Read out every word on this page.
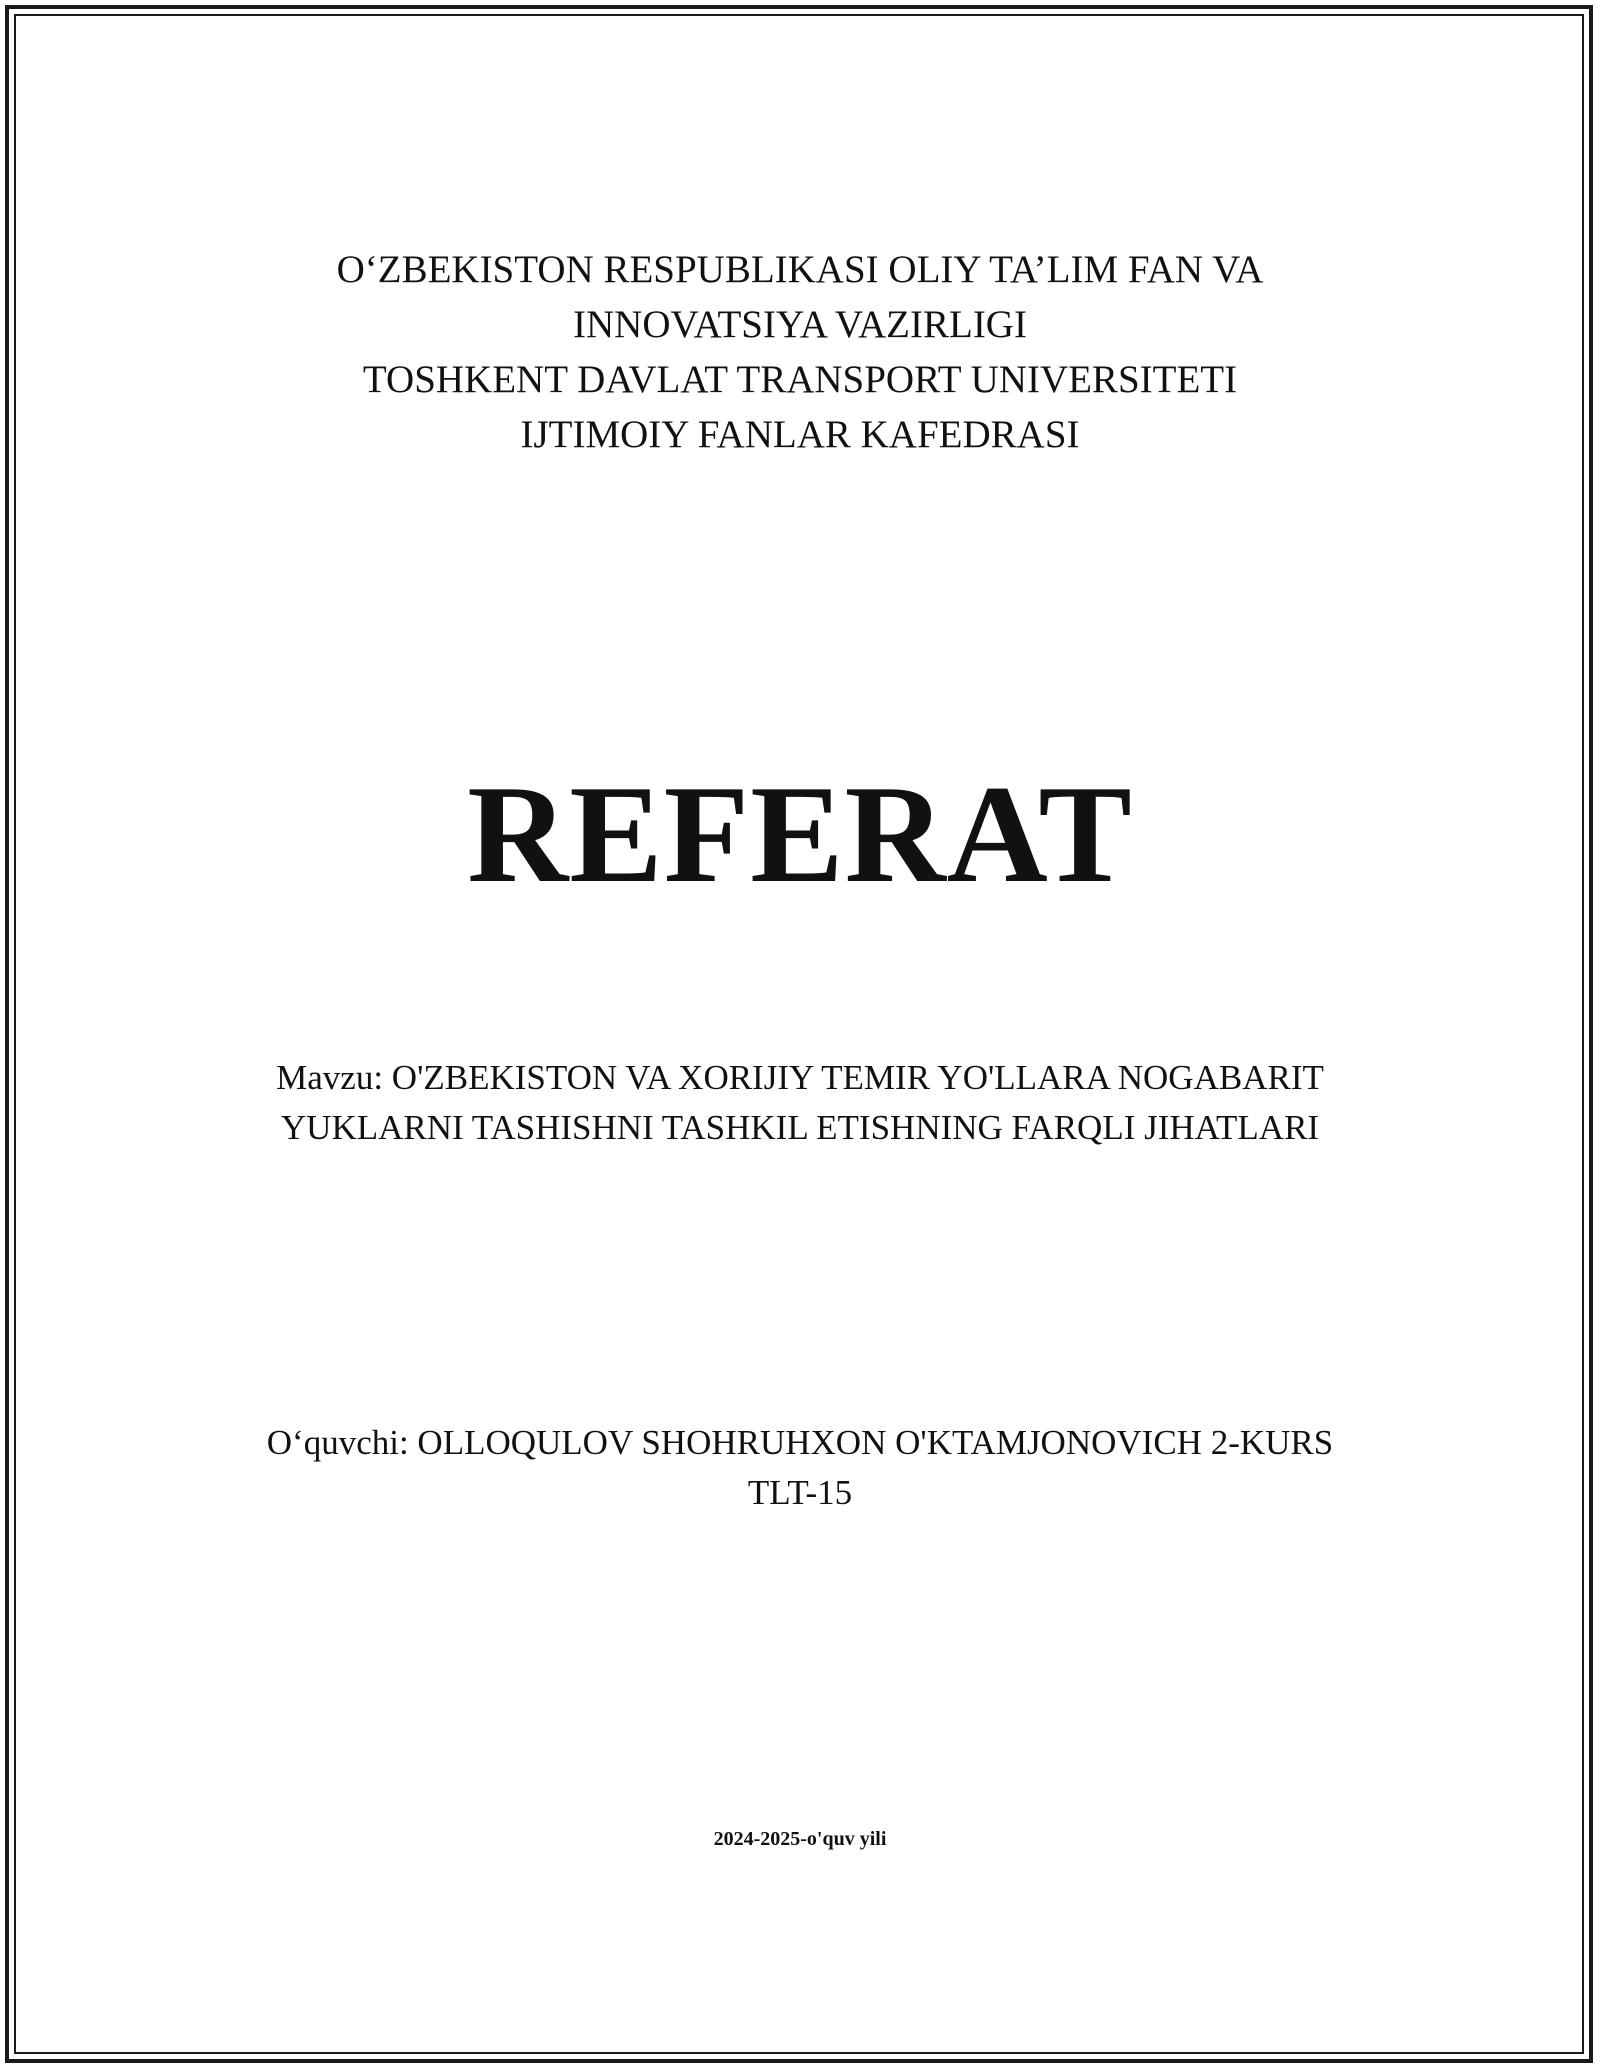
O‘ZBEKISTON RESPUBLIKASI OLIY TA’LIM FAN VA
INNOVATSIYA VAZIRLIGI
TOSHKENT DAVLAT TRANSPORT UNIVERSITETI
IJTIMOIY FANLAR KAFEDRASI
REFERAT
Mavzu: O'ZBEKISTON VA XORIJIY TEMIR YO'LLARA NOGABARIT
YUKLARNI TASHISHNI TASHKIL ETISHNING FARQLI JIHATLARI
O‘quvchi: OLLOQULOV SHOHRUHXON O'KTAMJONOVICH 2-KURS
TLT-15
2024-2025-o'quv yili
